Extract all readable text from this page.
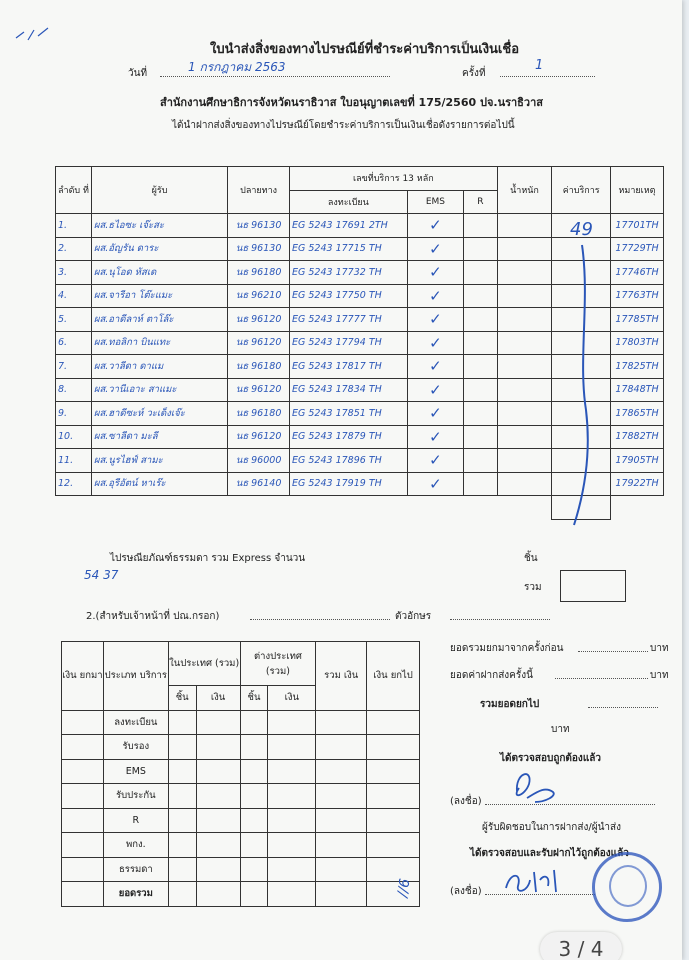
ใบนำส่งสิ่งของทางไปรษณีย์ที่ชำระค่าบริการเป็นเงินเชื่อ
วันที่	1 กรกฎาคม 2563	ครั้งที่
1
สำนักงานศึกษาธิการจังหวัดนราธิวาส ใบอนุญาตเลขที่ 175/2560 ปจ.นราธิวาส
ได้นำฝากส่งสิ่งของทางไปรษณีย์โดยชำระค่าบริการเป็นเงินเชื่อดังรายการต่อไปนี้
ลำดับ ที่	ผู้รับ	ปลายทาง	เลขที่บริการ 13 หลัก			น้ำหนัก	ค่าบริการ	หมายเหตุ
			ลงทะเบียน	EMS	R			
1.	ผส.ธไอซะ เจ๊ะสะ	นธ 96130	EG 5243 17691 2TH	✓				17701TH
2.	ผส.อัญรัน ดาระ	นธ 96130	EG 5243 17715 TH	✓				17729TH
3.	ผส.นุโอด หัสเด	นธ 96180	EG 5243 17732 TH	✓				17746TH
4.	ผส.จารีอา โต๊ะแมะ	นธ 96210	EG 5243 17750 TH	✓				17763TH
5.	ผส.อาดีลาห์ ตาโล๊ะ	นธ 96120	EG 5243 17777 TH	✓				17785TH
6.	ผส.ทอลิกา บินแทะ	นธ 96120	EG 5243 17794 TH	✓				17803TH
7.	ผส.วาลีดา ดาแม	นธ 96180	EG 5243 17817 TH	✓				17825TH
8.	ผส.วานีเอาะ สาแมะ	นธ 96120	EG 5243 17834 TH	✓				17848TH
9.	ผส.ฮาดีซะห์ วะเด็งเจ๊ะ	นธ 96180	EG 5243 17851 TH	✓				17865TH
10.	ผส.ซาลีดา มะลี	นธ 96120	EG 5243 17879 TH	✓				17882TH
11.	ผส.นูรไฮฟ์ สามะ	นธ 96000	EG 5243 17896 TH	✓				17905TH
12.	ผส.อุรีอัตน์ หาเร๊ะ	นธ 96140	EG 5243 17919 TH	✓				17922TH

49
ไปรษณียภัณฑ์ธรรมดา รวม Express จำนวน	ชิ้น
รวม
54 37
2.(สำหรับเจ้าหน้าที่ ปณ.กรอก)	ตัวอักษร
เงิน ยกมา	ประเภท บริการ	ในประเทศ (รวม)		ต่างประเทศ (รวม)		รวม เงิน	เงิน ยกไป
		ชิ้น	เงิน	ชิ้น	เงิน		
	ลงทะเบียน						
	รับรอง						
	EMS						
	รับประกัน						
	R						
	พกง.						
	ธรรมดา						
	ยอดรวม							//6
ยอดรวมยกมาจากครั้งก่อน	บาท
ยอดค่าฝากส่งครั้งนี้	บาท
รวมยอดยกไป
บาท
ได้ตรวจสอบถูกต้องแล้ว
(ลงชื่อ)
ผู้รับผิดชอบในการฝากส่ง/ผู้นำส่ง
ได้ตรวจสอบและรับฝากไว้ถูกต้องแล้ว
(ลงชื่อ)
3 / 4
